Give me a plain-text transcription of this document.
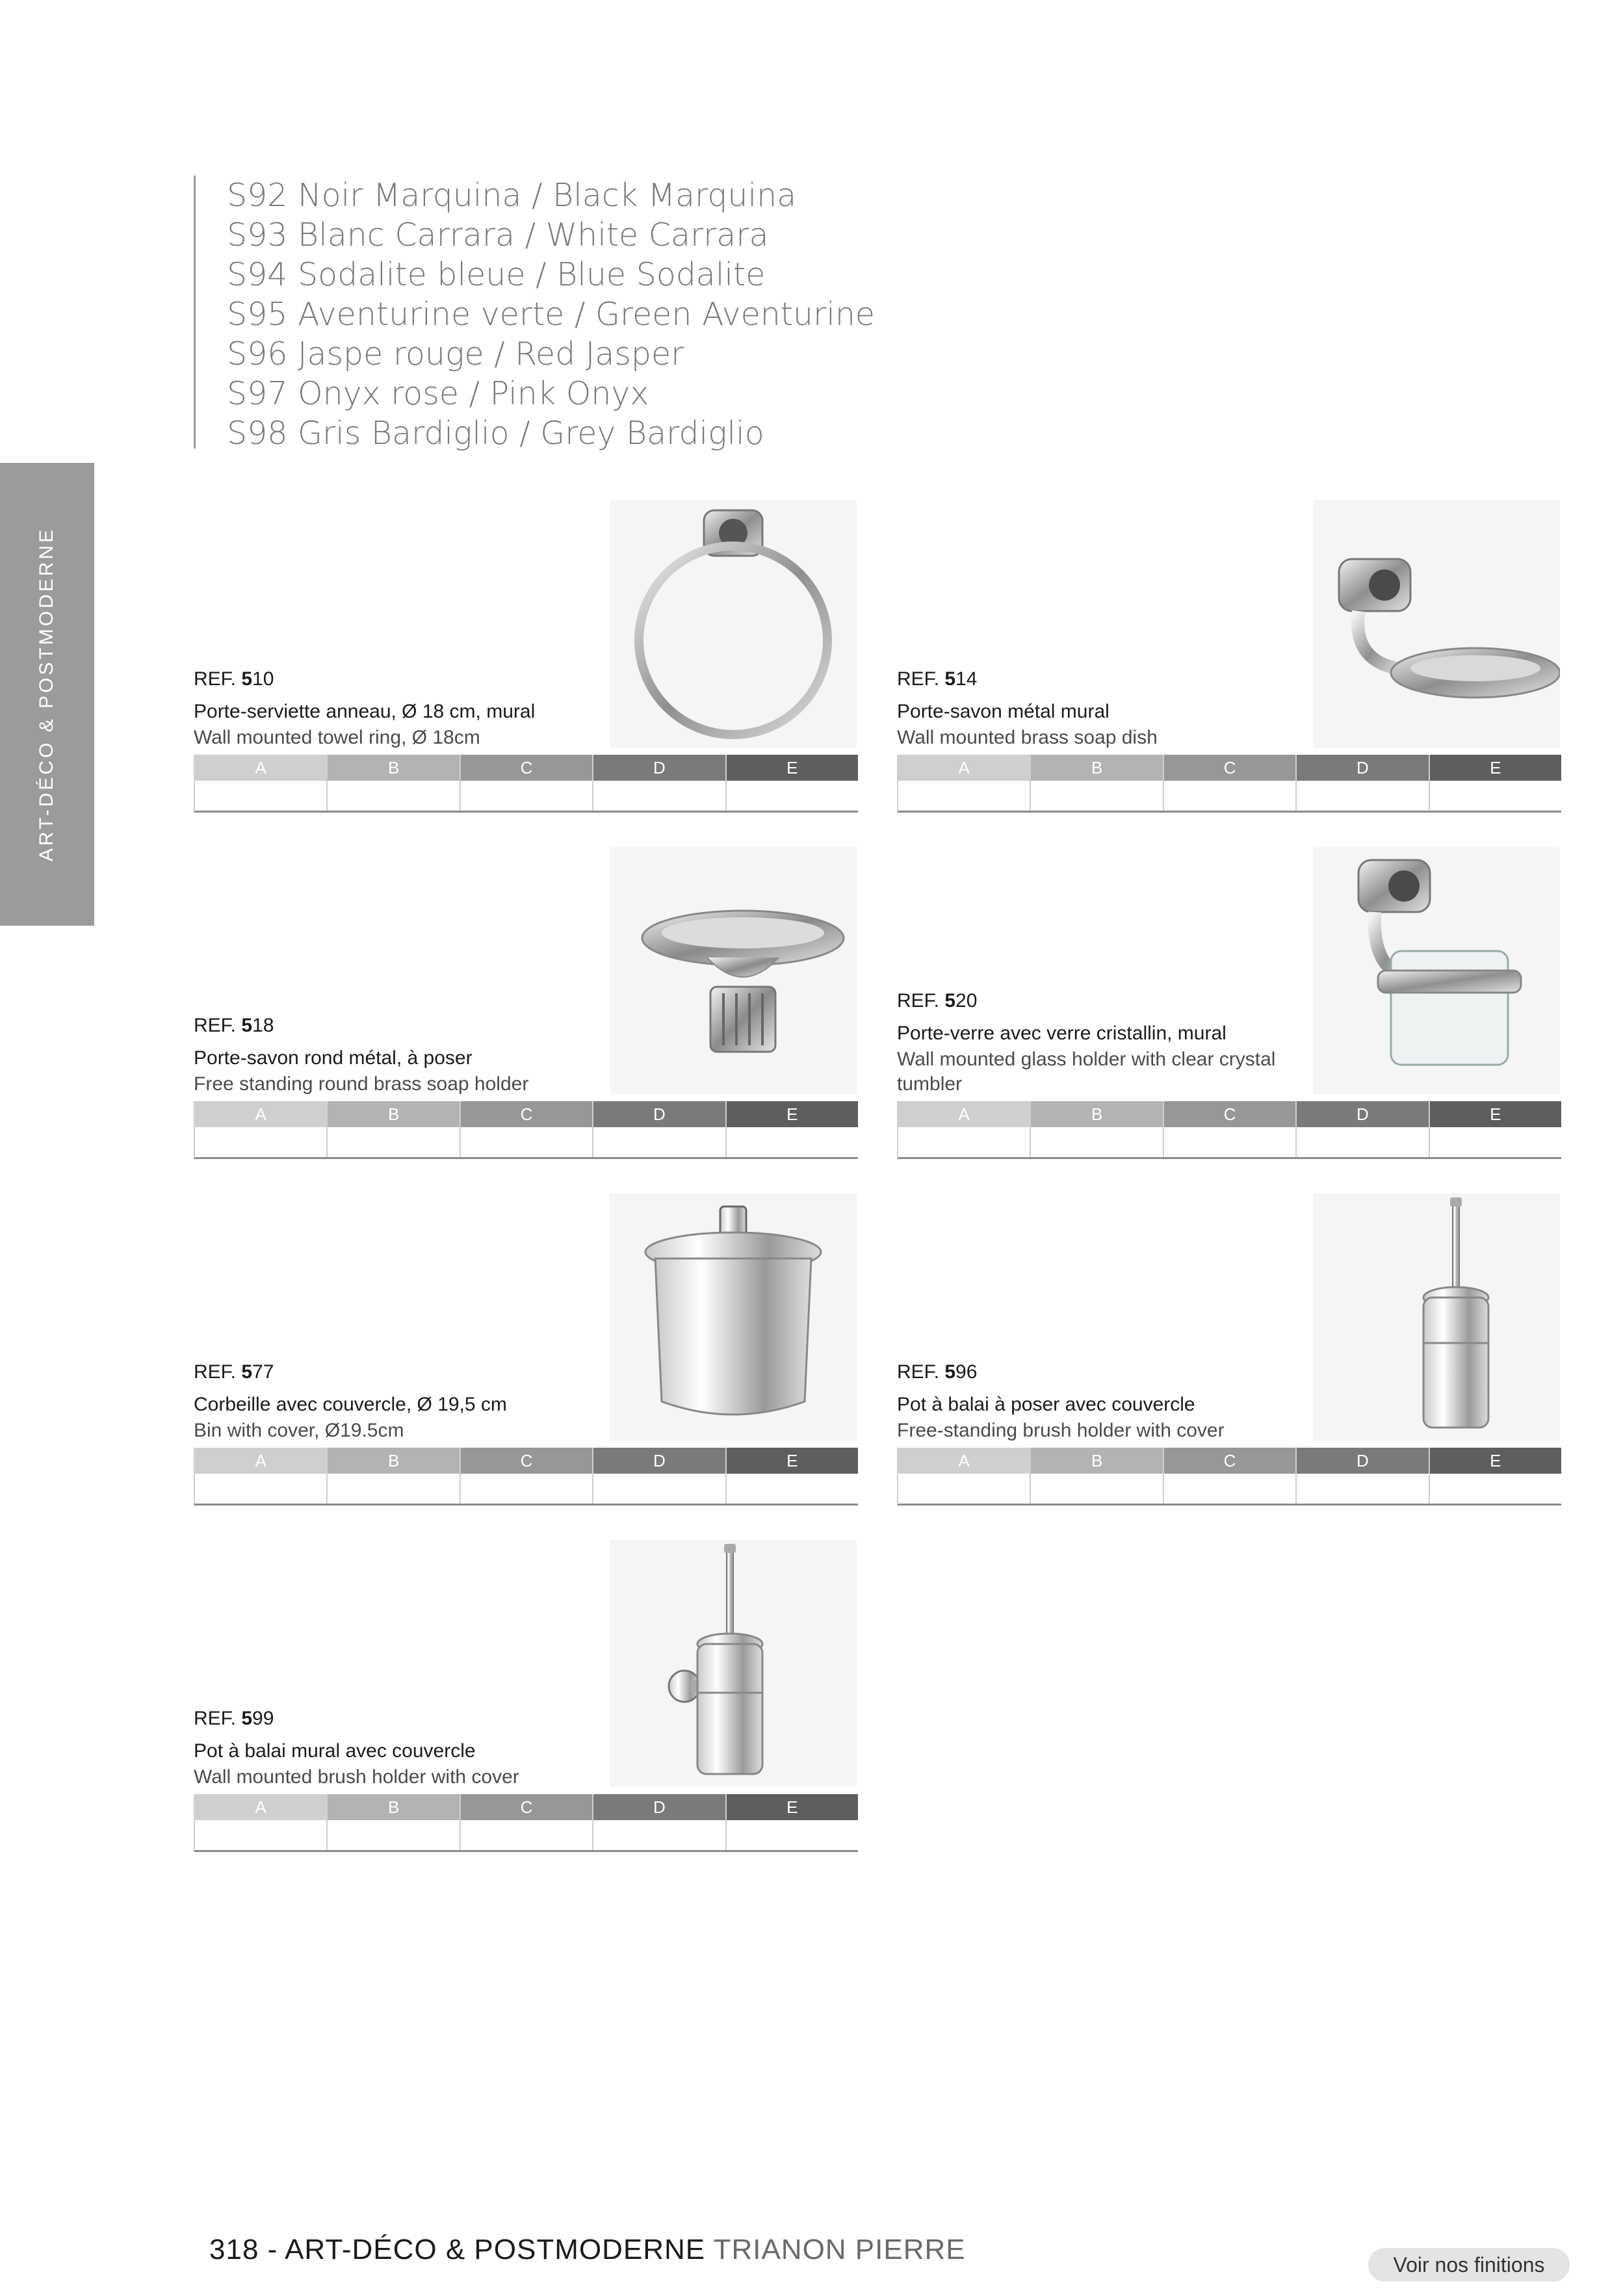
S92 Noir Marquina / Black Marquina
S93 Blanc Carrara / White Carrara
S94 Sodalite bleue / Blue Sodalite
S95 Aventurine verte / Green Aventurine
S96 Jaspe rouge / Red Jasper
S97 Onyx rose / Pink Onyx
S98 Gris Bardiglio / Grey Bardiglio
ART-DÉCO & POSTMODERNE	REF. 510
Porte-serviette anneau, Ø 18 cm, mural
Wall mounted towel ring, Ø 18cm
A	B	C	D	E
REF. 514
Porte-savon métal mural
Wall mounted brass soap dish
A	B	C	D	E
REF. 518
Porte-savon rond métal, à poser
Free standing round brass soap holder
A	B	C	D	E
REF. 520
Porte-verre avec verre cristallin, mural
Wall mounted glass holder with clear crystal tumbler
A	B	C	D	E
REF. 577
Corbeille avec couvercle, Ø 19,5 cm
Bin with cover, Ø19.5cm
A	B	C	D	E
REF. 596
Pot à balai à poser avec couvercle
Free-standing brush holder with cover
A	B	C	D	E
REF. 599
Pot à balai mural avec couvercle
Wall mounted brush holder with cover
A	B	C	D	E
318 - ART-DÉCO & POSTMODERNE TRIANON PIERRE	Voir nos finitions
